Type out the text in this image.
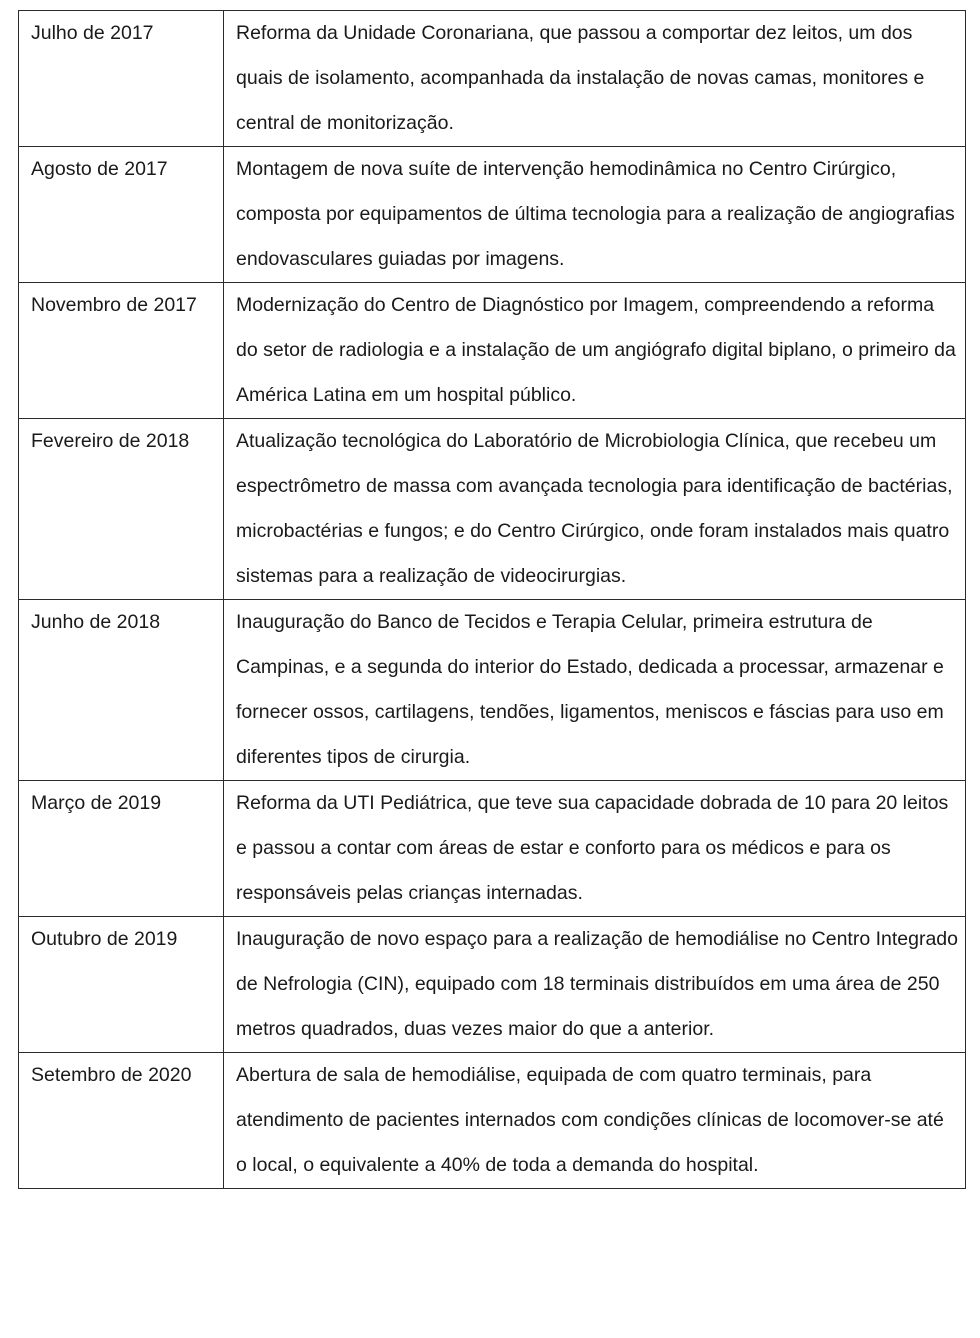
Julho de 2017	Reforma da Unidade Coronariana, que passou a comportar dez leitos, um dos quais de isolamento, acompanhada da instalação de novas camas, monitores e central de monitorização.
Agosto de 2017	Montagem de nova suíte de intervenção hemodinâmica no Centro Cirúrgico, composta por equipamentos de última tecnologia para a realização de angiografias endovasculares guiadas por imagens.
Novembro de 2017	Modernização do Centro de Diagnóstico por Imagem, compreendendo a reforma do setor de radiologia e a instalação de um angiógrafo digital biplano, o primeiro da América Latina em um hospital público.
Fevereiro de 2018	Atualização tecnológica do Laboratório de Microbiologia Clínica, que recebeu um espectrômetro de massa com avançada tecnologia para identificação de bactérias, microbactérias e fungos; e do Centro Cirúrgico, onde foram instalados mais quatro sistemas para a realização de videocirurgias.
Junho de 2018	Inauguração do Banco de Tecidos e Terapia Celular, primeira estrutura de Campinas, e a segunda do interior do Estado, dedicada a processar, armazenar e fornecer ossos, cartilagens, tendões, ligamentos, meniscos e fáscias para uso em diferentes tipos de cirurgia.
Março de 2019	Reforma da UTI Pediátrica, que teve sua capacidade dobrada de 10 para 20 leitos e passou a contar com áreas de estar e conforto para os médicos e para os responsáveis pelas crianças internadas.
Outubro de 2019	Inauguração de novo espaço para a realização de hemodiálise no Centro Integrado de Nefrologia (CIN), equipado com 18 terminais distribuídos em uma área de 250 metros quadrados, duas vezes maior do que a anterior.
Setembro de 2020	Abertura de sala de hemodiálise, equipada de com quatro terminais, para atendimento de pacientes internados com condições clínicas de locomover-se até o local, o equivalente a 40% de toda a demanda do hospital.
